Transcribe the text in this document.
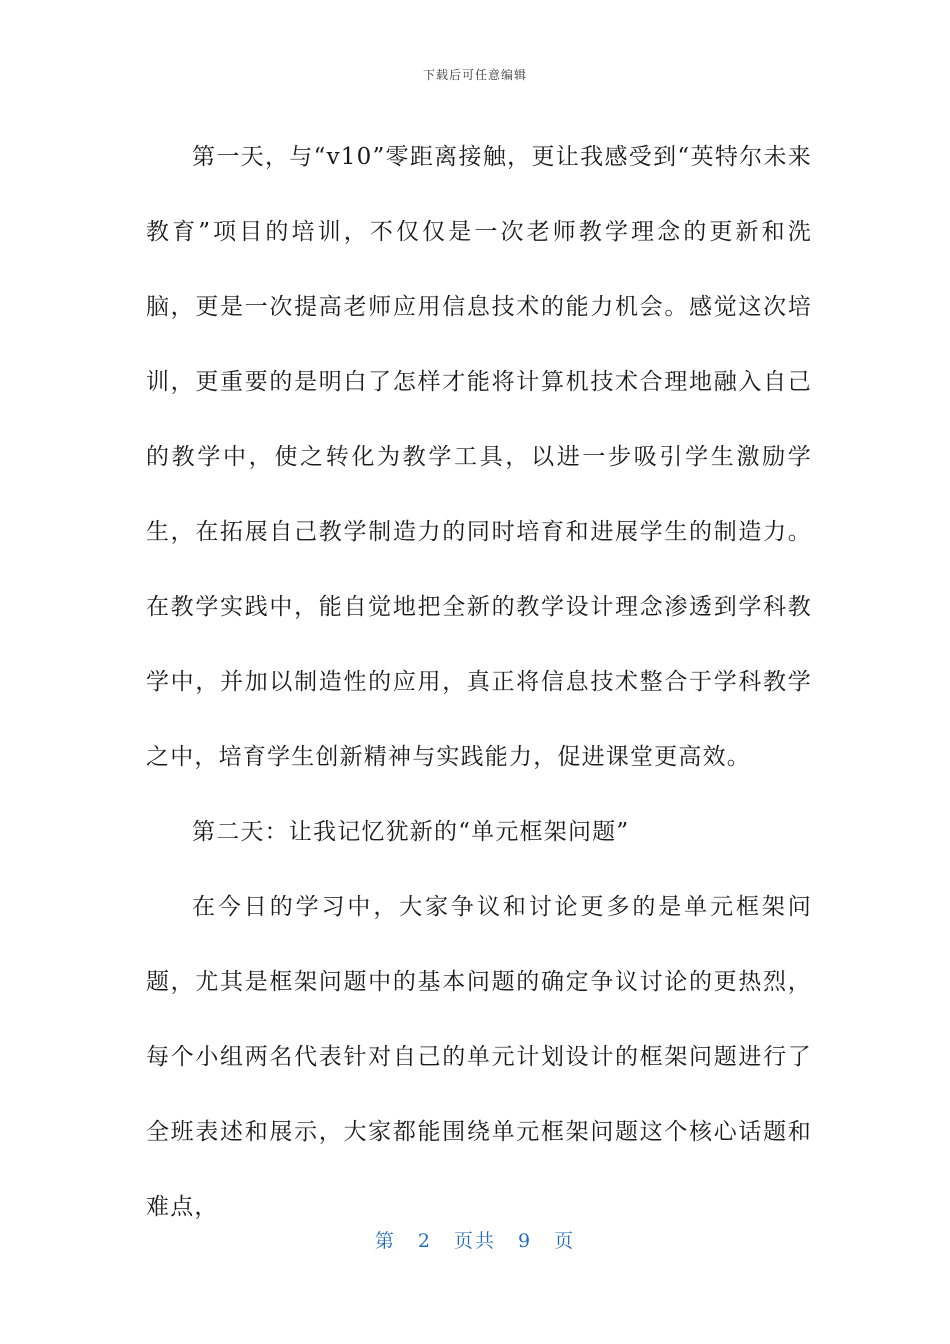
下载后可任意编辑

第一天，与“v10”零距离接触，更让我感受到“英特尔未来教育”项目的培训，不仅仅是一次老师教学理念的更新和洗脑，更是一次提高老师应用信息技术的能力机会。感觉这次培训，更重要的是明白了怎样才能将计算机技术合理地融入自己的教学中，使之转化为教学工具，以进一步吸引学生激励学生，在拓展自己教学制造力的同时培育和进展学生的制造力。在教学实践中，能自觉地把全新的教学设计理念渗透到学科教学中，并加以制造性的应用，真正将信息技术整合于学科教学之中，培育学生创新精神与实践能力，促进课堂更高效。

第二天：让我记忆犹新的“单元框架问题”

在今日的学习中，大家争议和讨论更多的是单元框架问题，尤其是框架问题中的基本问题的确定争议讨论的更热烈，每个小组两名代表针对自己的单元计划设计的框架问题进行了全班表述和展示，大家都能围绕单元框架问题这个核心话题和难点，

第 2 页共 9 页
